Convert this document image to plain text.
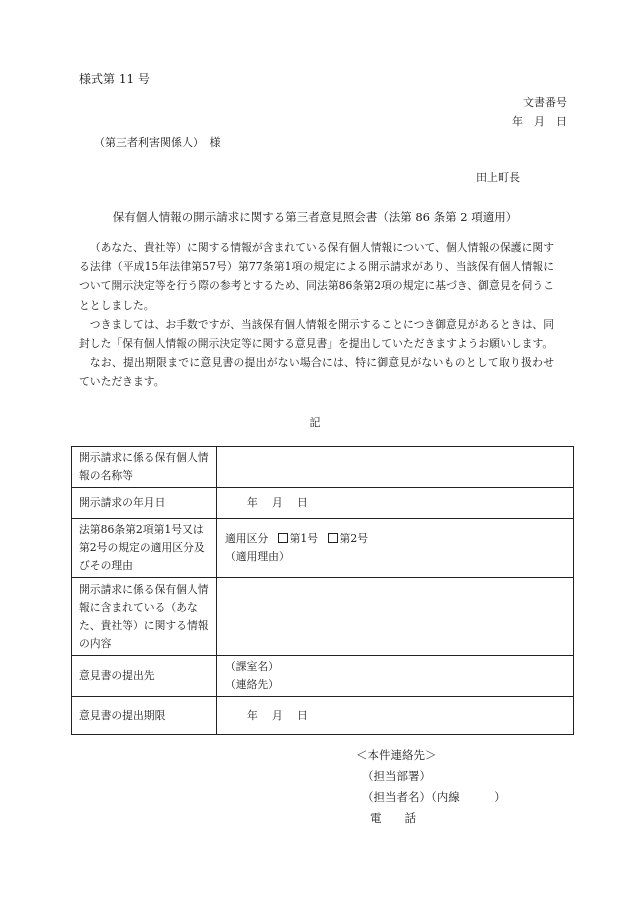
様式第 11 号
文書番号
年　月　日
（第三者利害関係人）　様
田上町長
保有個人情報の開示請求に関する第三者意見照会書（法第 86 条第 2 項適用）

（あなた、貴社等）に関する情報が含まれている保有個人情報について、個人情報の保護に関する法律（平成15年法律第57号）第77条第1項の規定による開示請求があり、当該保有個人情報について開示決定等を行う際の参考とするため、同法第86条第2項の規定に基づき、御意見を伺うこととしました。

つきましては、お手数ですが、当該保有個人情報を開示することにつき御意見があるときは、同封した「保有個人情報の開示決定等に関する意見書」を提出していただきますようお願いします。

なお、提出期限までに意見書の提出がない場合には、特に御意見がないものとして取り扱わせていただきます。

記
開示請求に係る保有個人情報の名称等	
開示請求の年月日	年　 月　 日
法第86条第2項第1号又は第2号の規定の適用区分及びその理由	適用区分 第1号 第2号
（適用理由）

開示請求に係る保有個人情報に含まれている（あなた、貴社等）に関する情報の内容	
意見書の提出先	（課室名）
（連絡先）

意見書の提出期限	年　 月　 日
＜本件連絡先＞
（担当部署）
（担当者名）（内線　　　）
電　　話
